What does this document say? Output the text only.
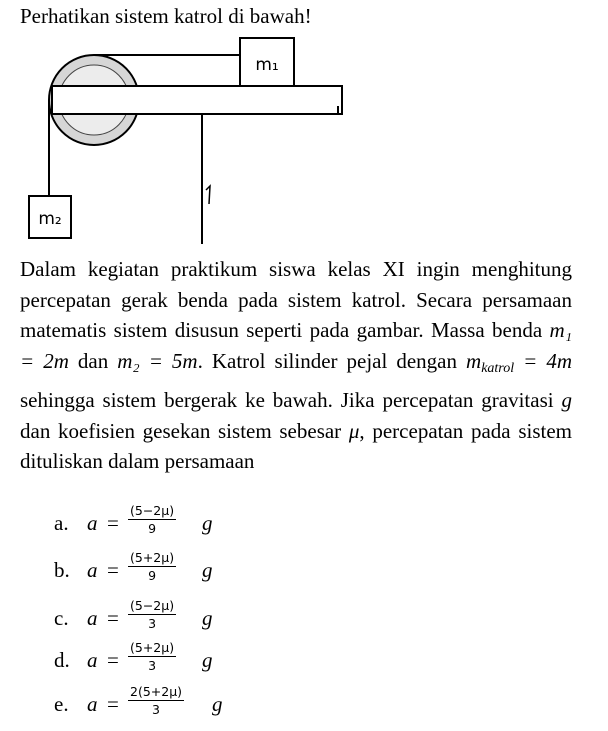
Perhatikan sistem katrol di bawah!
m₁
m₂
Dalam kegiatan praktikum siswa kelas XI ingin menghitung percepatan gerak benda pada sistem katrol. Secara persamaan matematis sistem disusun seperti pada gambar. Massa benda m₁ = 2m dan m₂ = 5m. Katrol silinder pejal dengan $m_{katrol} = 4m$ sehingga sistem bergerak ke bawah. Jika percepatan gravitasi g dan koefisien gesekan sistem sebesar μ, percepatan pada sistem dituliskan dalam persamaan
a. a =
(5−2μ)
9	g
b. a =
(5+2μ)
9	g
c. a =
(5−2μ)
3	g
d. a =
(5+2μ)
3	g
e. a =
2(5+2μ)
3	g
